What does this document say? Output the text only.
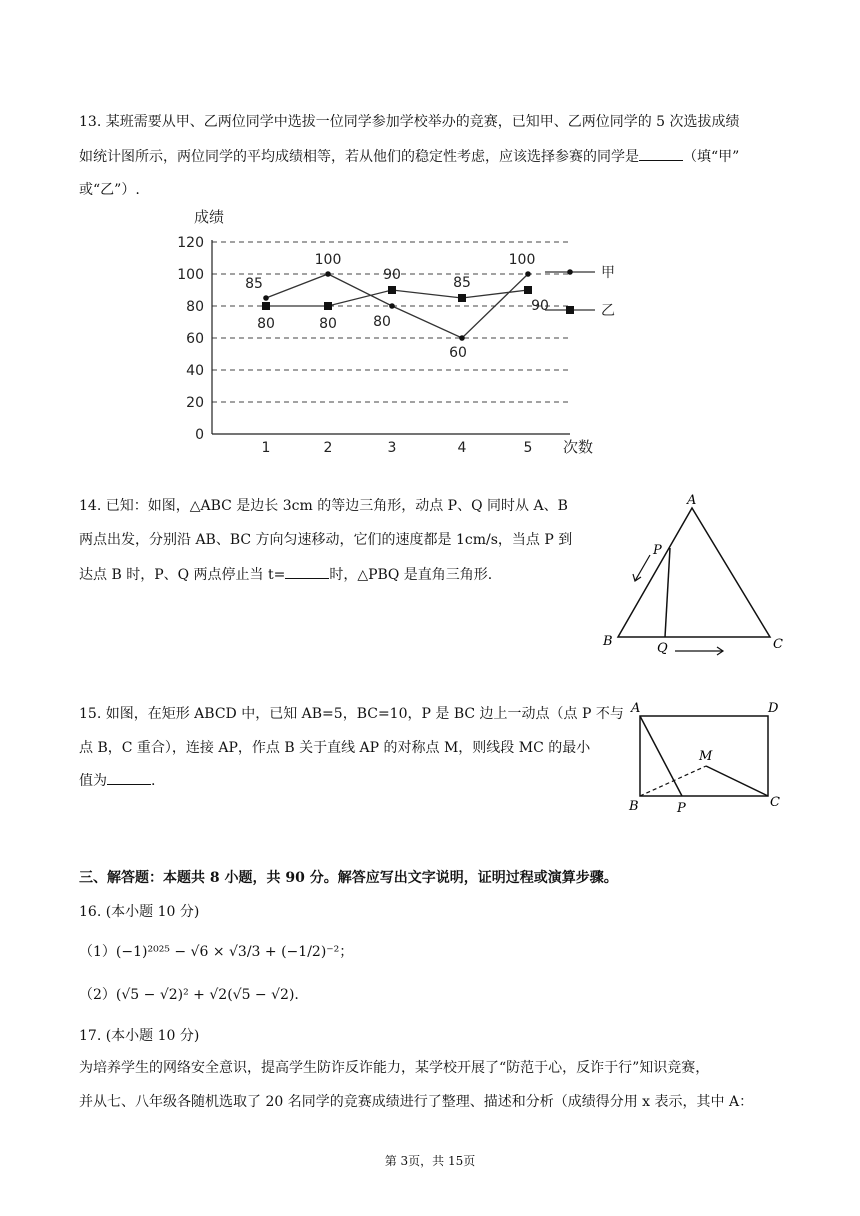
13. 某班需要从甲、乙两位同学中选拔一位同学参加学校举办的竞赛，已知甲、乙两位同学的 5 次选拔成绩
如统计图所示，两位同学的平均成绩相等，若从他们的稳定性考虑，应该选择参赛的同学是	（填“甲”
或“乙”）.
0
20
40
60
80
100
120
成绩
次数
1	2	3	4	5
85
100
80
60
100
80	80
90	85
90
甲
乙
14. 已知：如图，△ABC 是边长 3cm 的等边三角形，动点 P、Q 同时从 A、B
两点出发，分别沿 AB、BC 方向匀速移动，它们的速度都是 1cm/s，当点 P 到
达点 B 时，P、Q 两点停止当 t=	时，△PBQ 是直角三角形.
A
B	C
P
Q
15. 如图，在矩形 ABCD 中，已知 AB=5，BC=10，P 是 BC 边上一动点（点 P 不与
点 B，C 重合），连接 AP，作点 B 关于直线 AP 的对称点 M，则线段 MC 的最小
值为	.
A	D
B	P	C
M
三、解答题：本题共 8 小题，共 90 分。解答应写出文字说明，证明过程或演算步骤。
16. (本小题 10 分)
（1）(−1)²⁰²⁵ − √6 × √3/3 + (−1/2)⁻²；
（2）(√5 − √2)² + √2(√5 − √2).
17. (本小题 10 分)
为培养学生的网络安全意识，提高学生防诈反诈能力，某学校开展了“防范于心，反诈于行”知识竞赛，
并从七、八年级各随机选取了 20 名同学的竞赛成绩进行了整理、描述和分析（成绩得分用 x 表示，其中 A：
第 3页，共 15页
